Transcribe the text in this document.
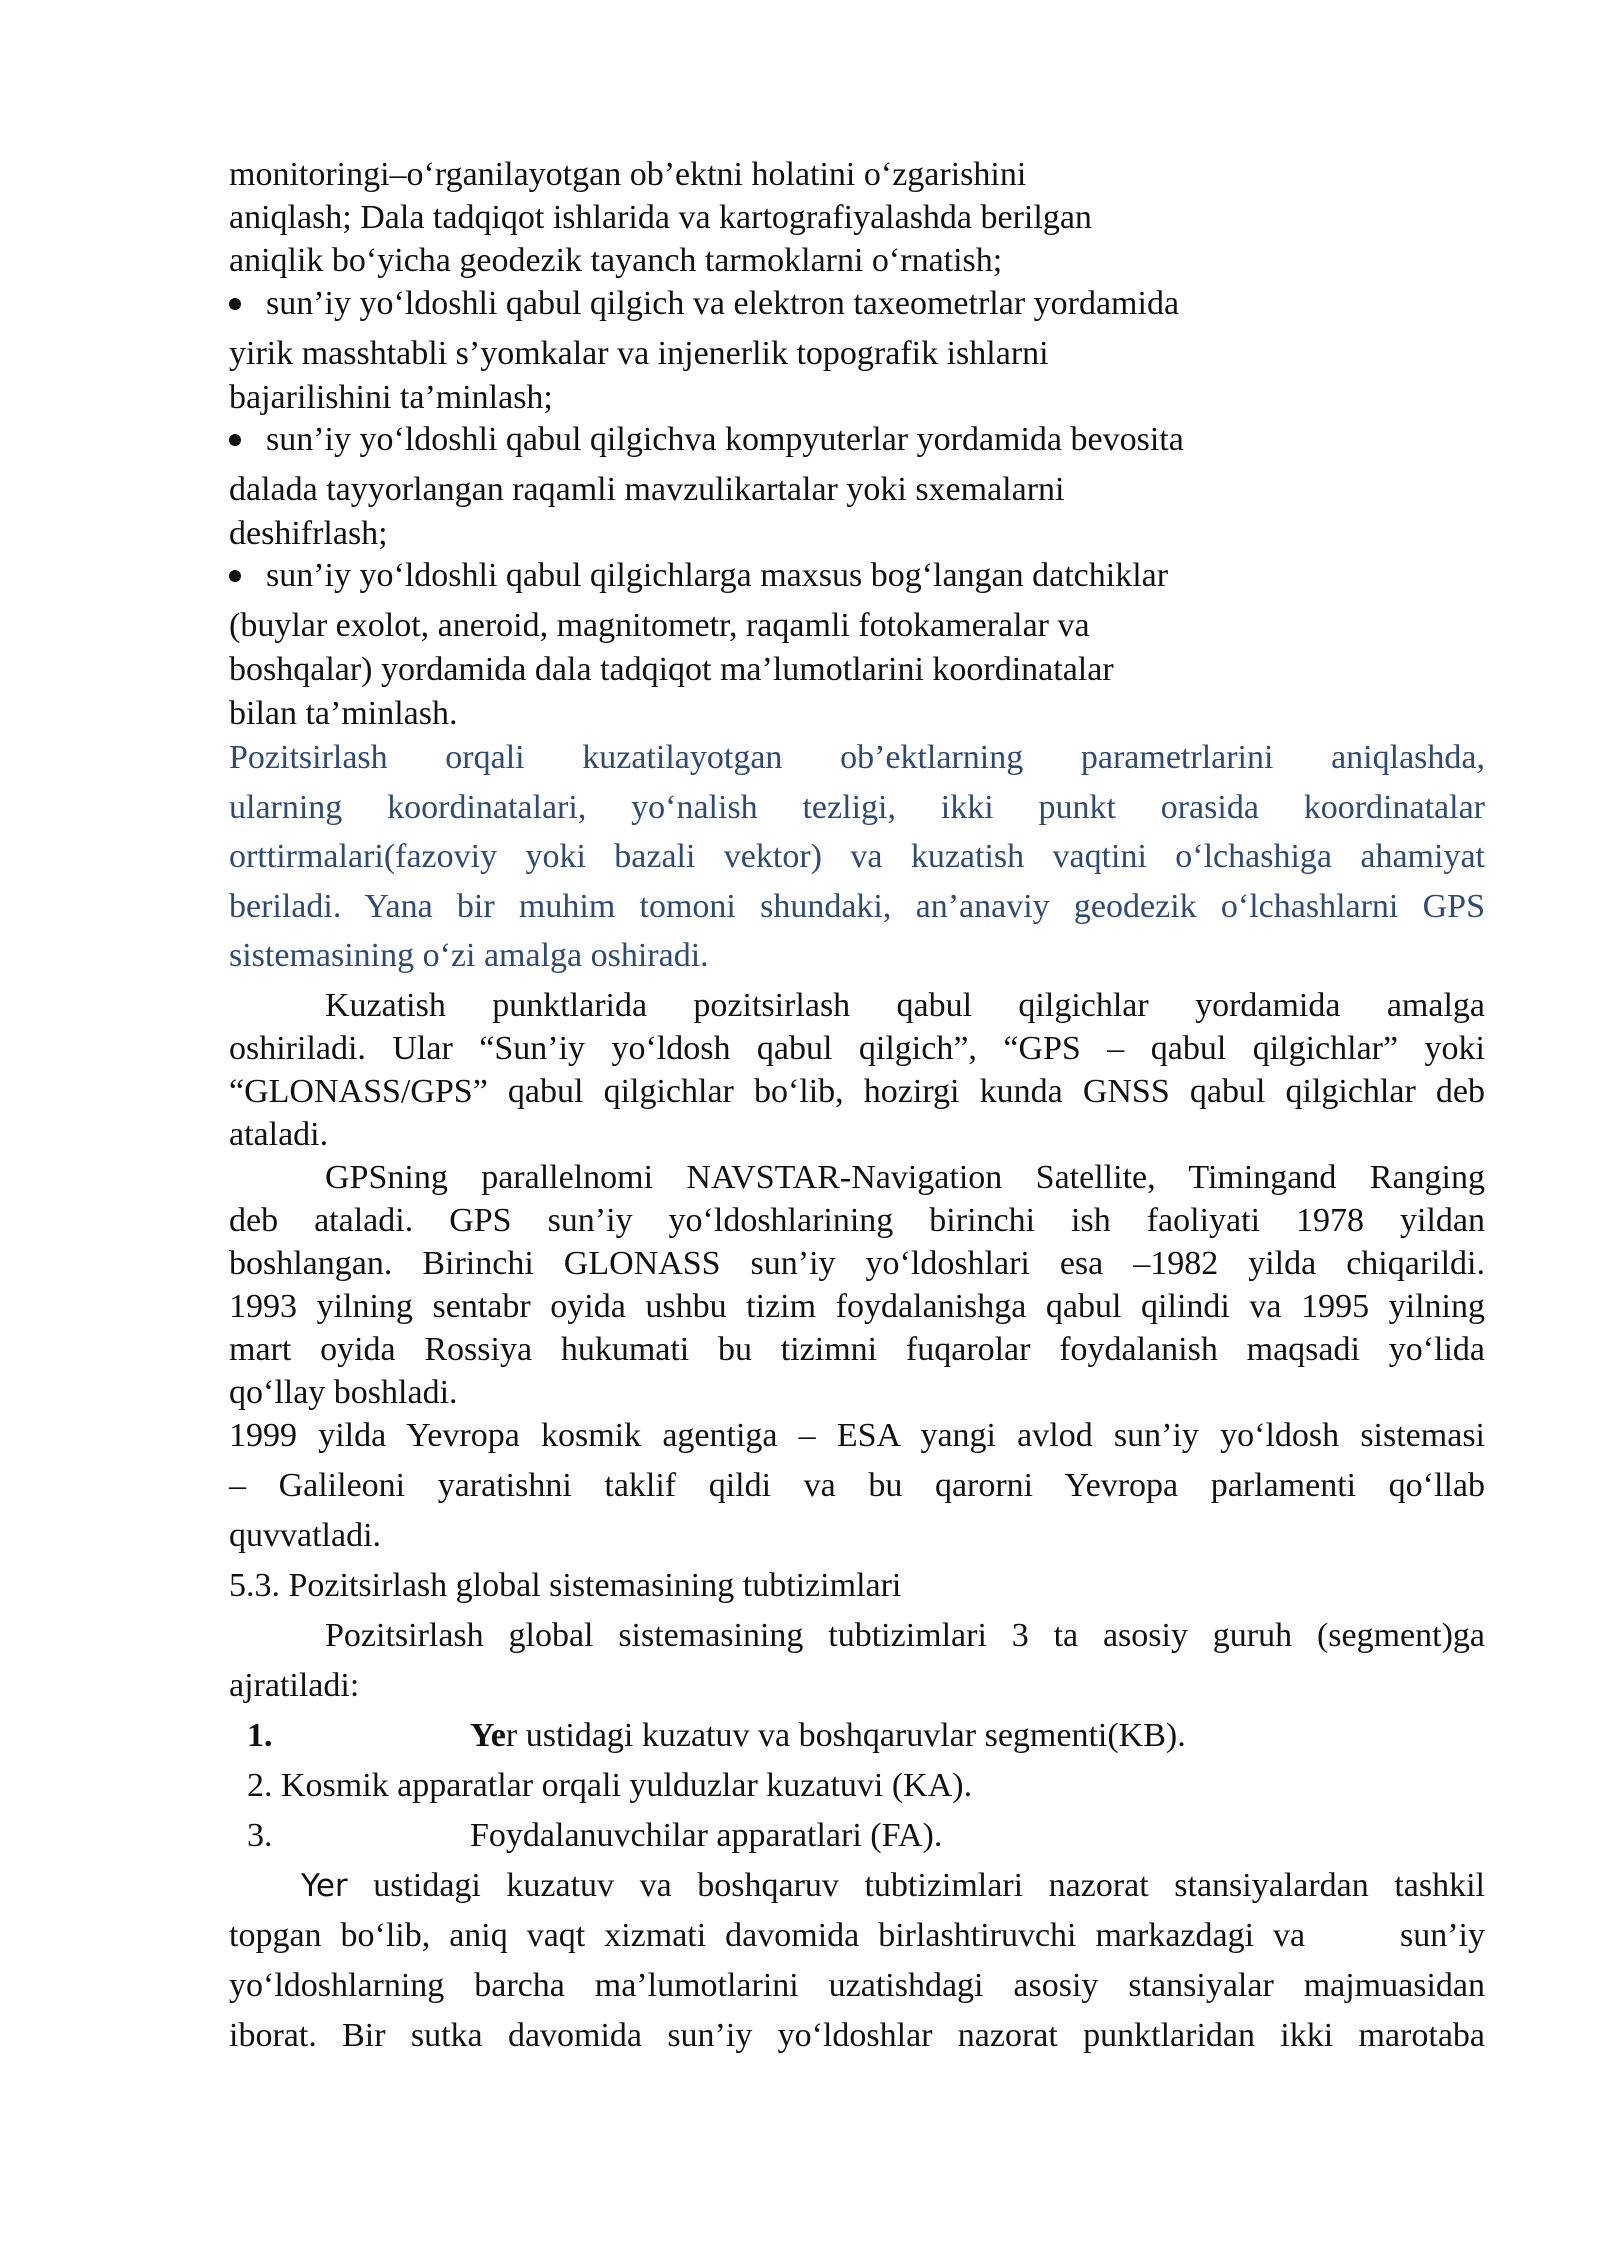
monitoringi–o‘rganilayotgan ob’ektni holatini o‘zgarishini
aniqlash; Dala tadqiqot ishlarida va kartografiyalashda berilgan
aniqlik bo‘yicha geodezik tayanch tarmoklarni o‘rnatish;
sun’iy yo‘ldoshli qabul qilgich va elektron taxeometrlar yordamida
yirik masshtabli s’yomkalar va injenerlik topografik ishlarni
bajarilishini ta’minlash;
sun’iy yo‘ldoshli qabul qilgichva kompyuterlar yordamida bevosita
dalada tayyorlangan raqamli mavzulikartalar yoki sxemalarni
deshifrlash;
sun’iy yo‘ldoshli qabul qilgichlarga maxsus bog‘langan datchiklar
(buylar exolot, aneroid, magnitometr, raqamli fotokameralar va
boshqalar) yordamida dala tadqiqot ma’lumotlarini koordinatalar
bilan ta’minlash.
Pozitsirlash orqali kuzatilayotgan ob’ektlarning parametrlarini aniqlashda,
ularning koordinatalari, yo‘nalish tezligi, ikki punkt orasida koordinatalar
orttirmalari(fazoviy yoki bazali vektor) va kuzatish vaqtini o‘lchashiga ahamiyat
beriladi. Yana bir muhim tomoni shundaki, an’anaviy geodezik o‘lchashlarni GPS
sistemasining o‘zi amalga oshiradi.
Kuzatish punktlarida pozitsirlash qabul qilgichlar yordamida amalga
oshiriladi. Ular “Sun’iy yo‘ldosh qabul qilgich”, “GPS – qabul qilgichlar” yoki
“GLONASS/GPS” qabul qilgichlar bo‘lib, hozirgi kunda GNSS qabul qilgichlar deb
ataladi.
GPSning parallelnomi NAVSTAR-Navigation Satellite, Timingand Ranging
deb ataladi. GPS sun’iy yo‘ldoshlarining birinchi ish faoliyati 1978 yildan
boshlangan. Birinchi GLONASS sun’iy yo‘ldoshlari esa –1982 yilda chiqarildi.
1993 yilning sentabr oyida ushbu tizim foydalanishga qabul qilindi va 1995 yilning
mart oyida Rossiya hukumati bu tizimni fuqarolar foydalanish maqsadi yo‘lida
qo‘llay boshladi.
1999 yilda Yevropa kosmik agentiga – ESA yangi avlod sun’iy yo‘ldosh sistemasi
– Galileoni yaratishni taklif qildi va bu qarorni Yevropa parlamenti qo‘llab
quvvatladi.
5.3. Pozitsirlash global sistemasining tubtizimlari
Pozitsirlash global sistemasining tubtizimlari 3 ta asosiy guruh (segment)ga
ajratiladi:
1.	Yer ustidagi kuzatuv va boshqaruvlar segmenti(KB).
2. Kosmik apparatlar orqali yulduzlar kuzatuvi (KA).
3.	Foydalanuvchilar apparatlari (FA).
Yer ustidagi kuzatuv va boshqaruv tubtizimlari nazorat stansiyalardan tashkil
topgan bo‘lib, aniq vaqt xizmati davomida birlashtiruvchi markazdagi va     sun’iy
yo‘ldoshlarning barcha ma’lumotlarini uzatishdagi asosiy stansiyalar majmuasidan
iborat. Bir sutka davomida sun’iy yo‘ldoshlar nazorat punktlaridan ikki marotaba
